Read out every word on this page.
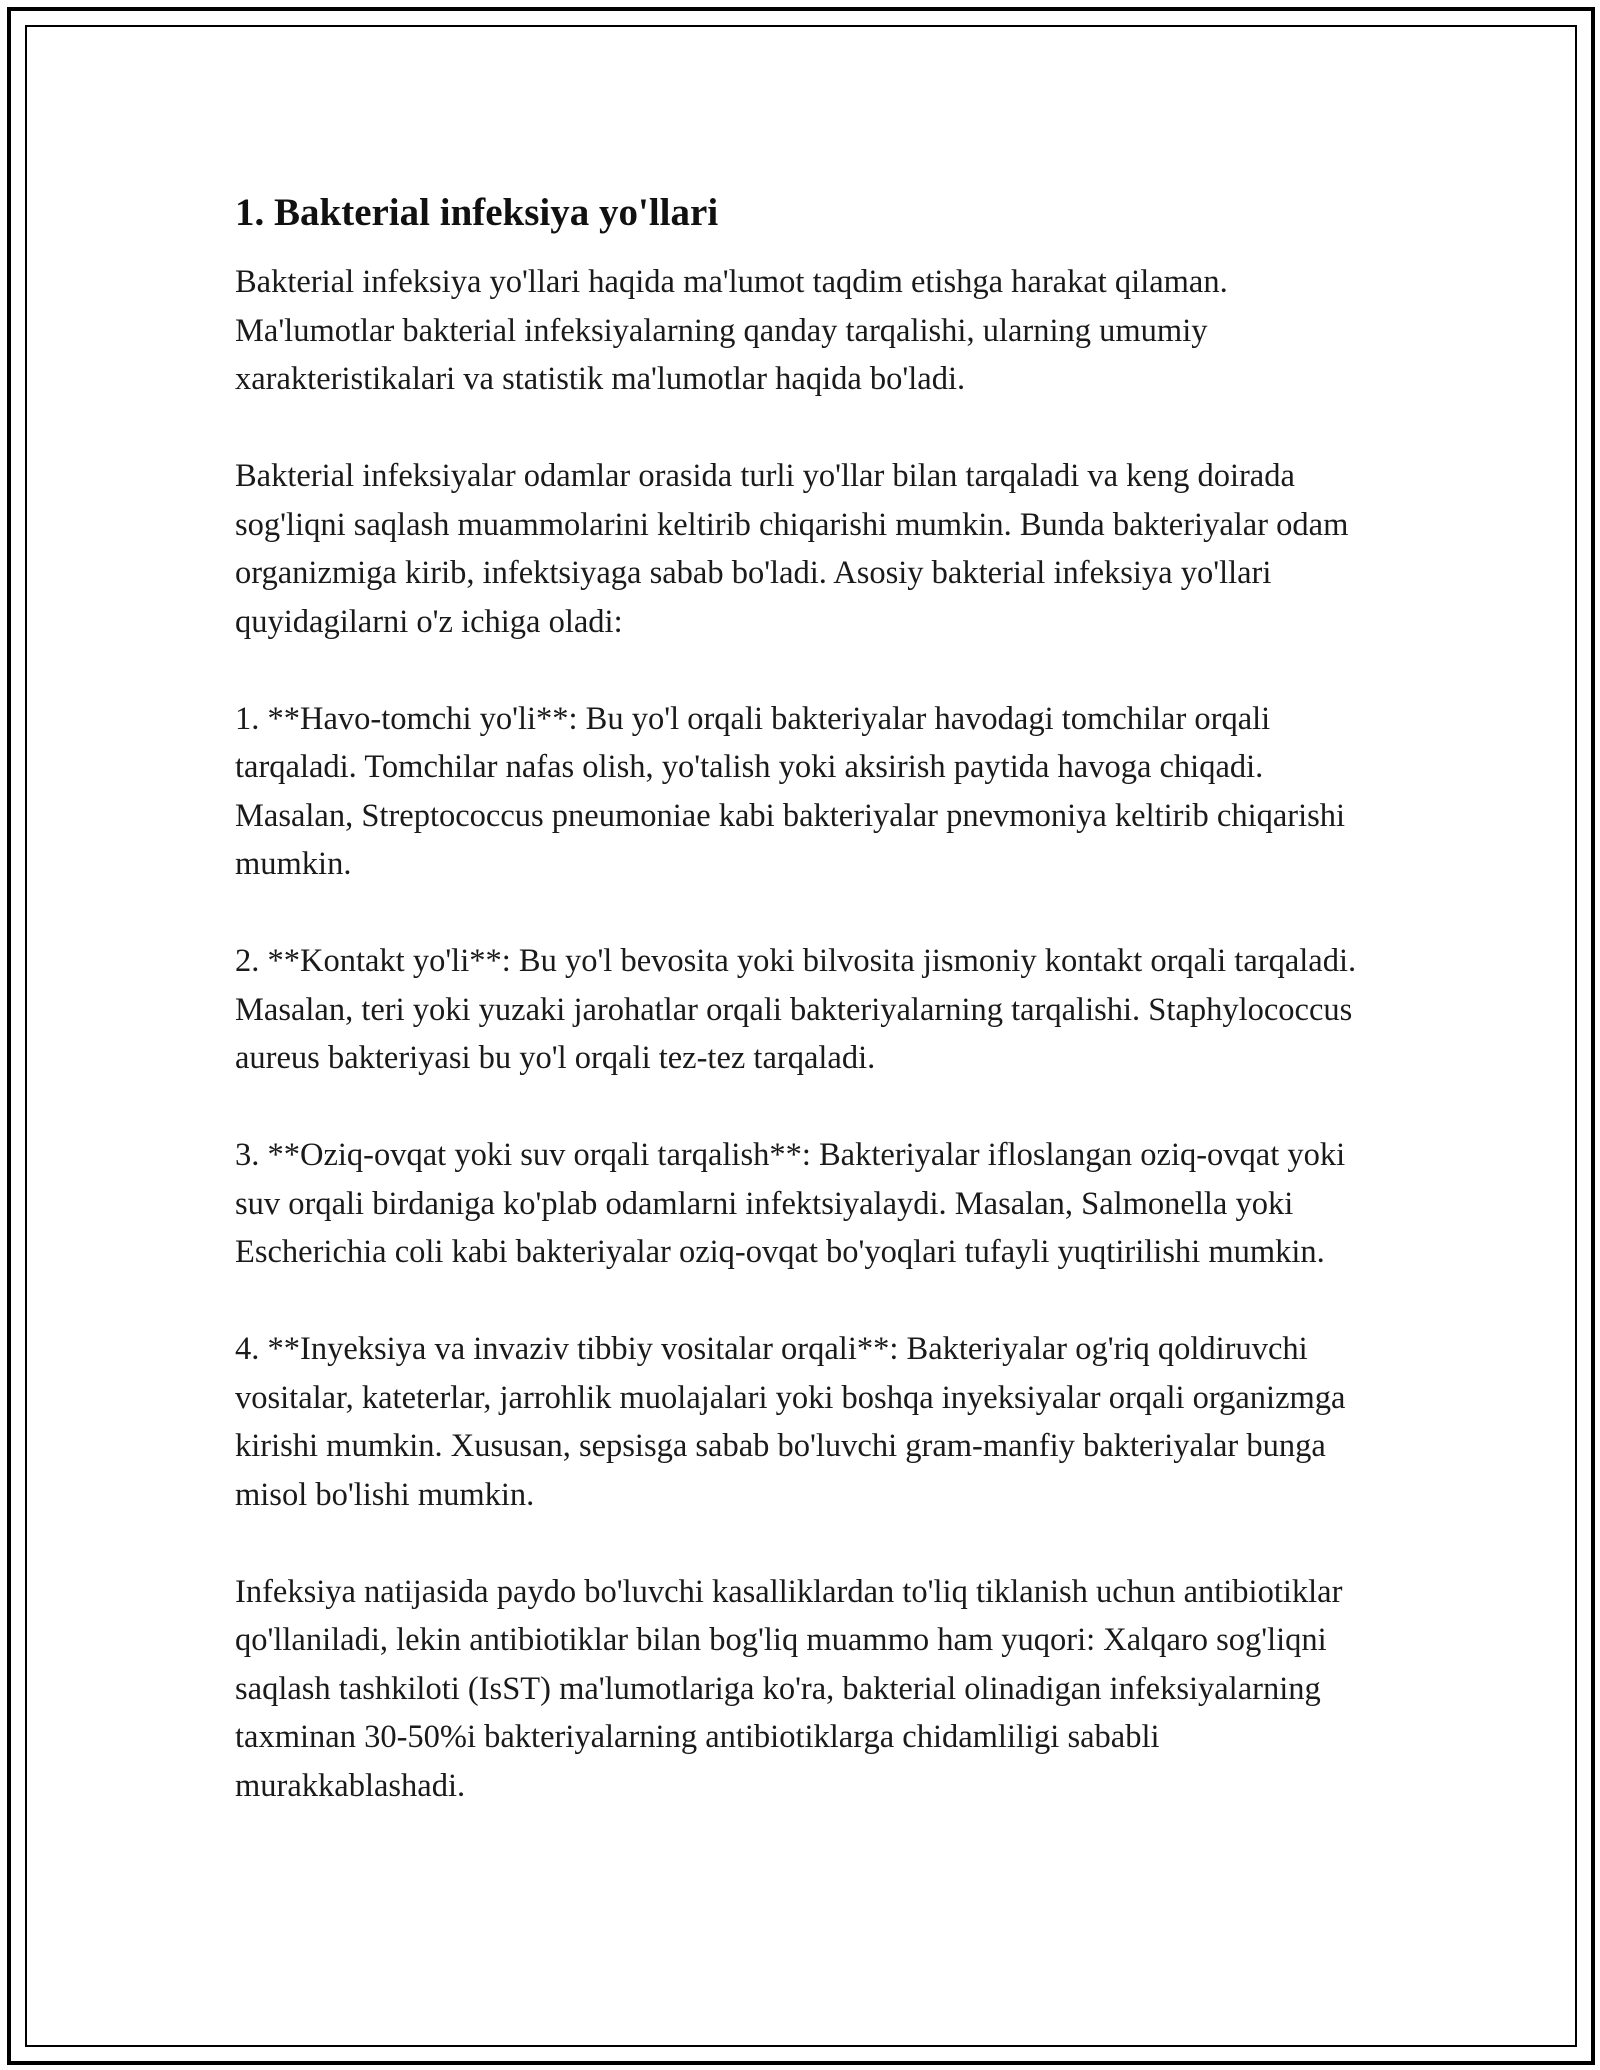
1. Bakterial infeksiya yo'llari

Bakterial infeksiya yo'llari haqida ma'lumot taqdim etishga harakat qilaman. Ma'lumotlar bakterial infeksiyalarning qanday tarqalishi, ularning umumiy xarakteristikalari va statistik ma'lumotlar haqida bo'ladi.

Bakterial infeksiyalar odamlar orasida turli yo'llar bilan tarqaladi va keng doirada sog'liqni saqlash muammolarini keltirib chiqarishi mumkin. Bunda bakteriyalar odam organizmiga kirib, infektsiyaga sabab bo'ladi. Asosiy bakterial infeksiya yo'llari quyidagilarni o'z ichiga oladi:

1. **Havo-tomchi yo'li**: Bu yo'l orqali bakteriyalar havodagi tomchilar orqali tarqaladi. Tomchilar nafas olish, yo'talish yoki aksirish paytida havoga chiqadi. Masalan, Streptococcus pneumoniae kabi bakteriyalar pnevmoniya keltirib chiqarishi mumkin.

2. **Kontakt yo'li**: Bu yo'l bevosita yoki bilvosita jismoniy kontakt orqali tarqaladi. Masalan, teri yoki yuzaki jarohatlar orqali bakteriyalarning tarqalishi. Staphylococcus aureus bakteriyasi bu yo'l orqali tez-tez tarqaladi.

3. **Oziq-ovqat yoki suv orqali tarqalish**: Bakteriyalar ifloslangan oziq-ovqat yoki suv orqali birdaniga ko'plab odamlarni infektsiyalaydi. Masalan, Salmonella yoki Escherichia coli kabi bakteriyalar oziq-ovqat bo'yoqlari tufayli yuqtirilishi mumkin.

4. **Inyeksiya va invaziv tibbiy vositalar orqali**: Bakteriyalar og'riq qoldiruvchi vositalar, kateterlar, jarrohlik muolajalari yoki boshqa inyeksiyalar orqali organizmga kirishi mumkin. Xususan, sepsisga sabab bo'luvchi gram-manfiy bakteriyalar bunga misol bo'lishi mumkin.

Infeksiya natijasida paydo bo'luvchi kasalliklardan to'liq tiklanish uchun antibiotiklar qo'llaniladi, lekin antibiotiklar bilan bog'liq muammo ham yuqori: Xalqaro sog'liqni saqlash tashkiloti (IsST) ma'lumotlariga ko'ra, bakterial olinadigan infeksiyalarning taxminan 30-50%i bakteriyalarning antibiotiklarga chidamliligi sababli murakkablashadi.
